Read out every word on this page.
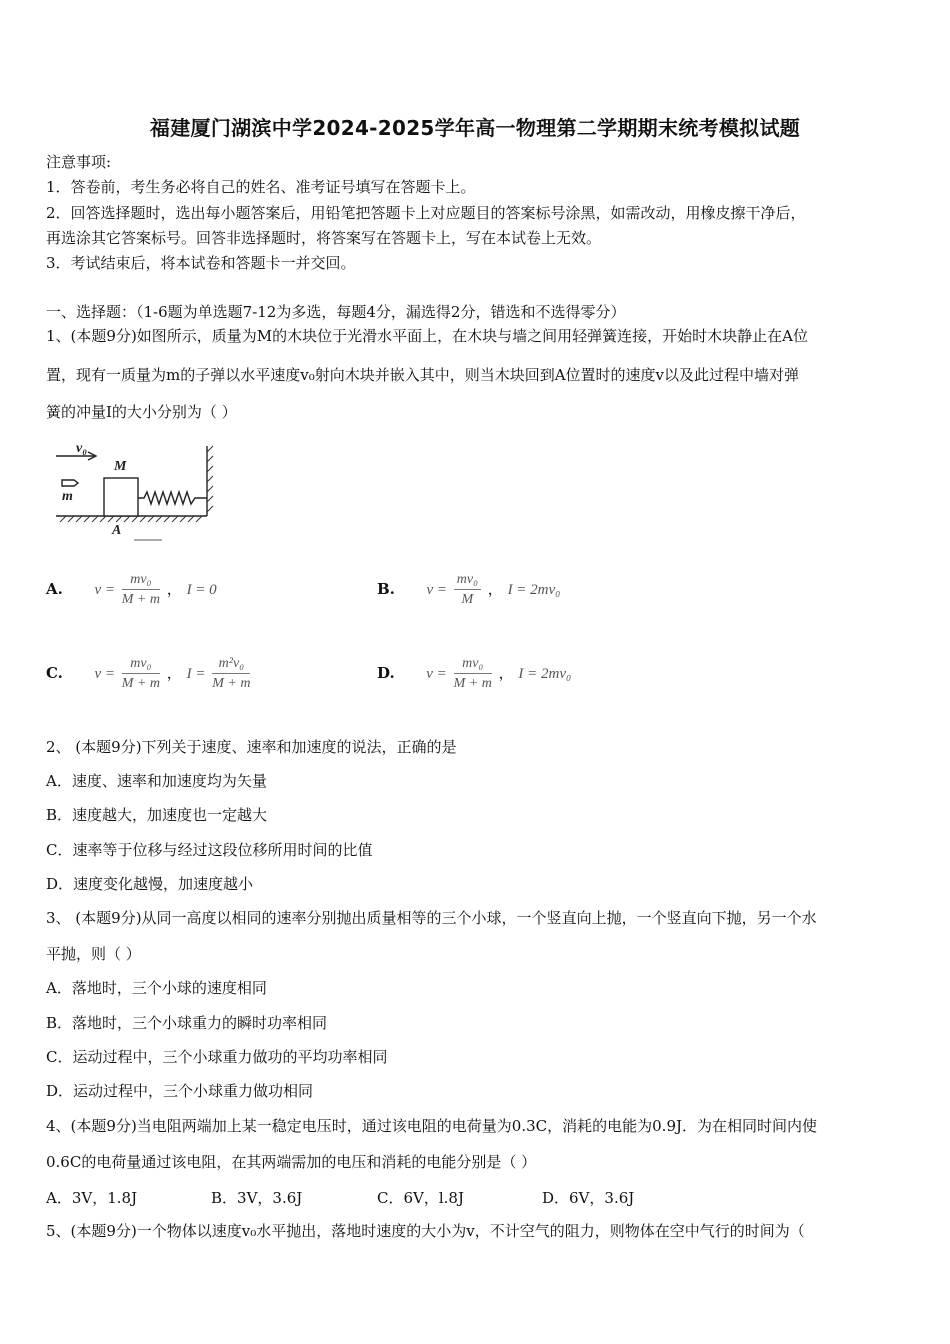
福建厦门湖滨中学2024-2025学年高一物理第二学期期末统考模拟试题
注意事项:
1．答卷前，考生务必将自己的姓名、准考证号填写在答题卡上。
2．回答选择题时，选出每小题答案后，用铅笔把答题卡上对应题目的答案标号涂黑，如需改动，用橡皮擦干净后，
再选涂其它答案标号。回答非选择题时，将答案写在答题卡上，写在本试卷上无效。
3．考试结束后，将本试卷和答题卡一并交回。
一、选择题：（1-6题为单选题7-12为多选，每题4分，漏选得2分，错选和不选得零分）
1、(本题9分)如图所示，质量为M的木块位于光滑水平面上，在木块与墙之间用轻弹簧连接，开始时木块静止在A位
置，现有一质量为m的子弹以水平速度v₀射向木块并嵌入其中，则当木块回到A位置时的速度v以及此过程中墙对弹
簧的冲量I的大小分别为（ ）
v₀
M
m
A
A. $v = \frac{\text{mv₀}}{M + m}$ ， I = 0	B. $v = \frac{\text{mv₀}}{M}$ ， I = 2mv₀
C. $v = \frac{\text{mv₀}}{M + m}$ ， $I = \frac{\text{m²v₀}}{M + m}$	D. $v = \frac{\text{mv₀}}{M + m}$ ， I = 2mv₀
2、 (本题9分)下列关于速度、速率和加速度的说法，正确的是
A．速度、速率和加速度均为矢量
B．速度越大，加速度也一定越大
C．速率等于位移与经过这段位移所用时间的比值
D．速度变化越慢，加速度越小
3、 (本题9分)从同一高度以相同的速率分别抛出质量相等的三个小球，一个竖直向上抛，一个竖直向下抛，另一个水
平抛，则（ ）
A．落地时，三个小球的速度相同
B．落地时，三个小球重力的瞬时功率相同
C．运动过程中，三个小球重力做功的平均功率相同
D．运动过程中，三个小球重力做功相同
4、(本题9分)当电阻两端加上某一稳定电压时，通过该电阻的电荷量为0.3C，消耗的电能为0.9J．为在相同时间内使
0.6C的电荷量通过该电阻，在其两端需加的电压和消耗的电能分别是（ ）
A．3V，1.8J	B．3V，3.6J	C．6V，l.8J	D．6V，3.6J
5、(本题9分)一个物体以速度v₀水平抛出，落地时速度的大小为v，不计空气的阻力，则物体在空中气行的时间为（
